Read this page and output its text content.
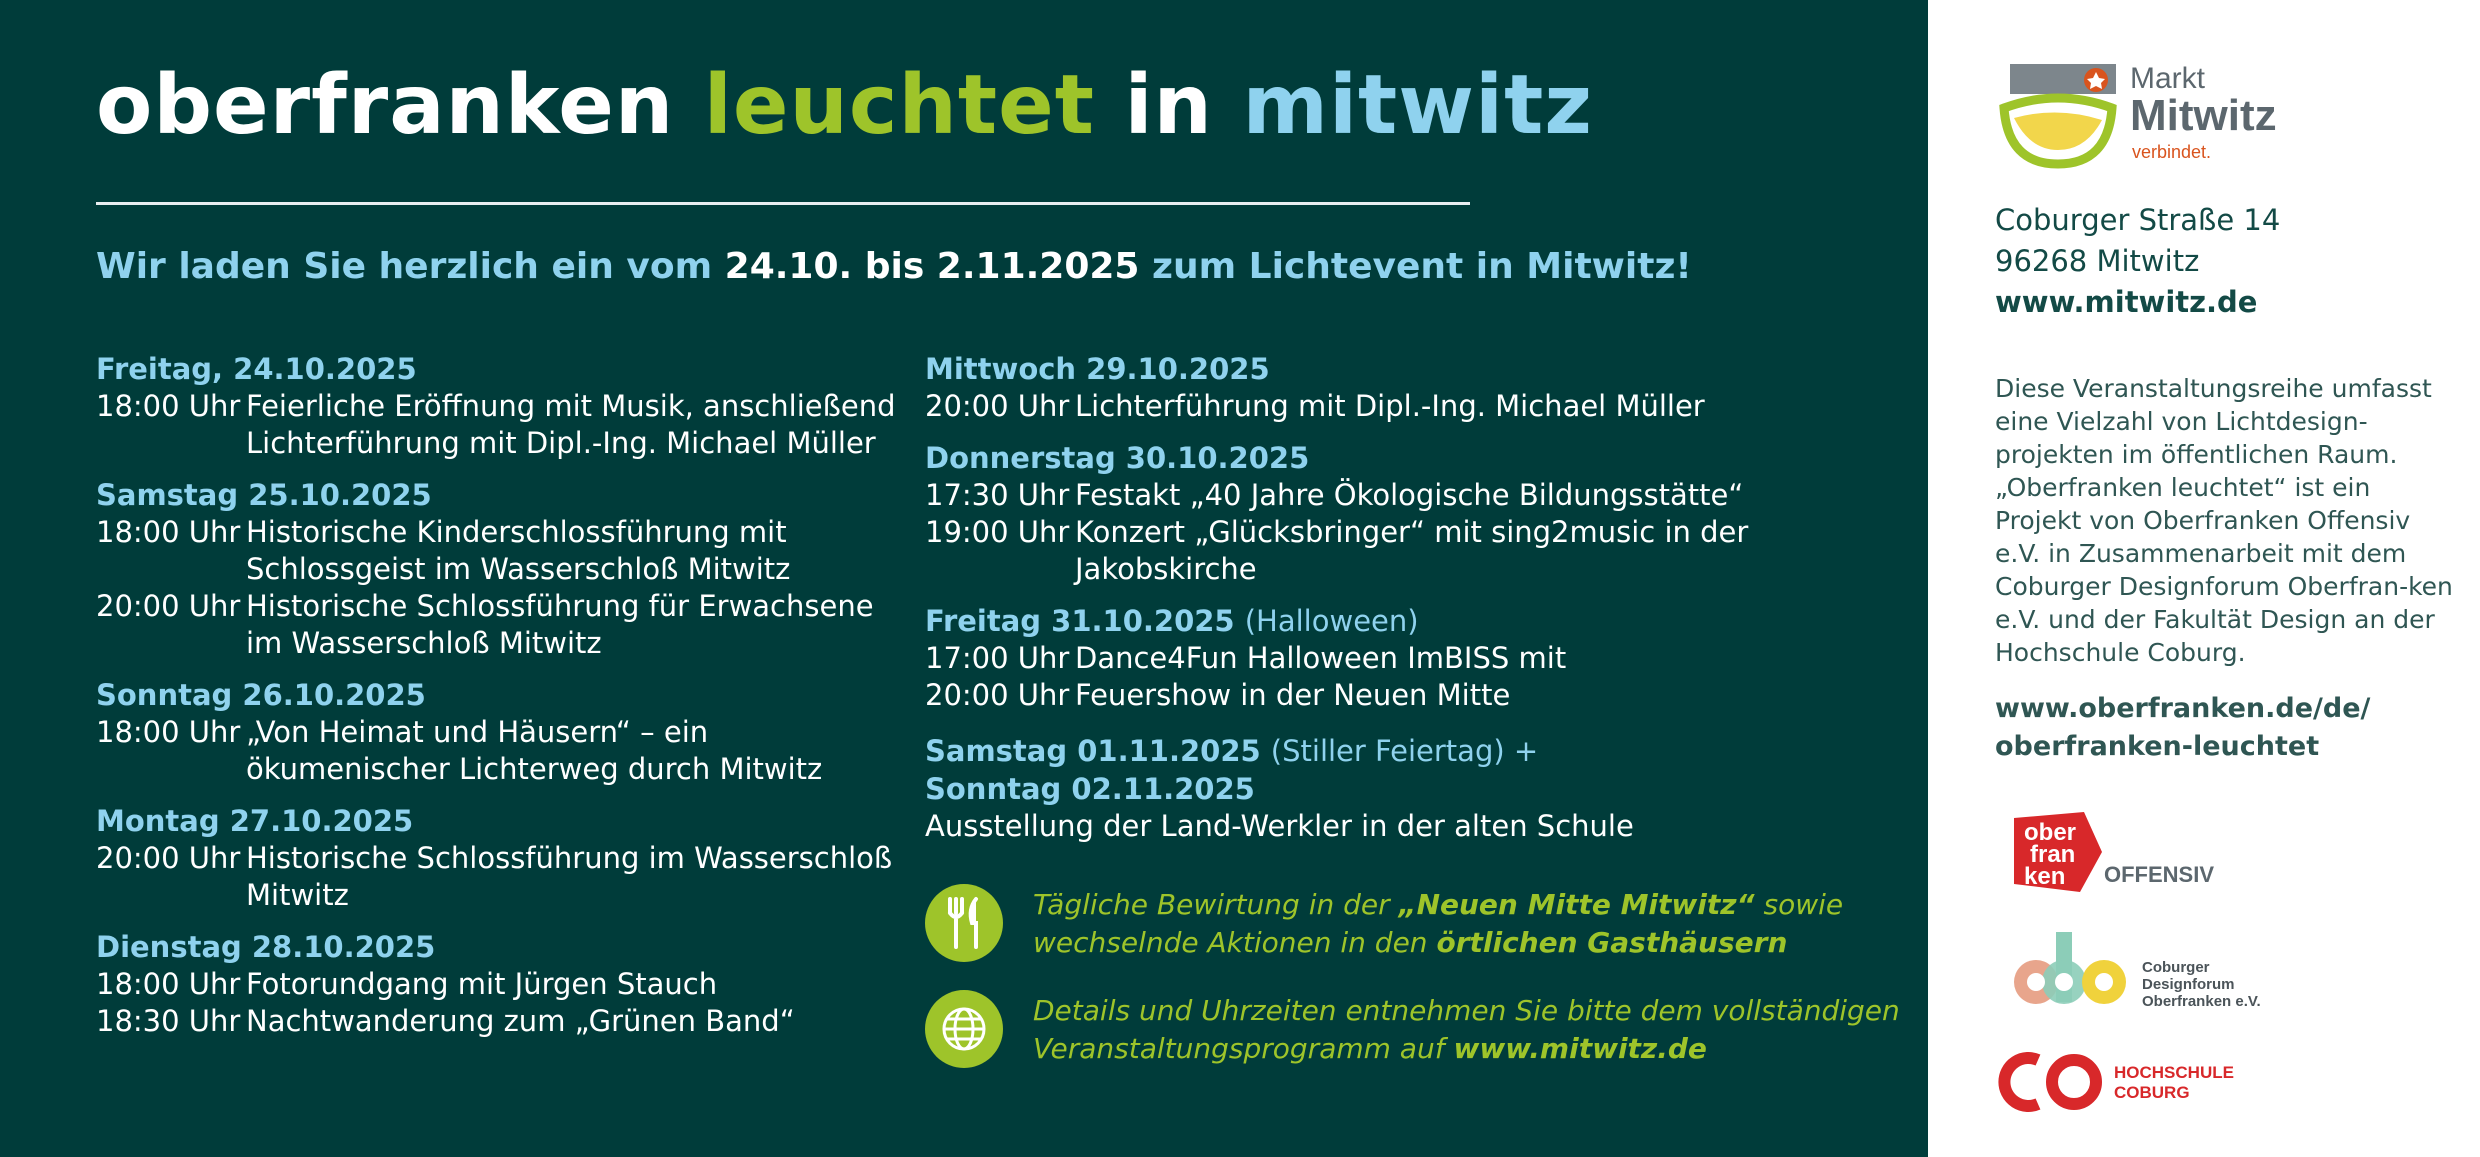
oberfranken leuchtet in mitwitz
Wir laden Sie herzlich ein vom 24.10. bis 2.11.2025 zum Lichtevent in Mitwitz!
Freitag, 24.10.2025
18:00 Uhr Feierliche Eröffnung mit Musik, anschließend Lichterführung mit Dipl.-Ing. Michael Müller
Samstag 25.10.2025
18:00 Uhr Historische Kinderschlossführung mit Schlossgeist im Wasserschloß Mitwitz
20:00 Uhr Historische Schlossführung für Erwachsene im Wasserschloß Mitwitz
Sonntag 26.10.2025
18:00 Uhr „Von Heimat und Häusern“ – ein ökumenischer Lichterweg durch Mitwitz
Montag 27.10.2025
20:00 Uhr Historische Schlossführung im Wasserschloß Mitwitz
Dienstag 28.10.2025
18:00 Uhr Fotorundgang mit Jürgen Stauch
18:30 Uhr Nachtwanderung zum „Grünen Band“
Mittwoch 29.10.2025
20:00 Uhr Lichterführung mit Dipl.-Ing. Michael Müller
Donnerstag 30.10.2025
17:30 Uhr Festakt „40 Jahre Ökologische Bildungsstätte“
19:00 Uhr Konzert „Glücksbringer“ mit sing2music in der Jakobskirche
Freitag 31.10.2025 (Halloween)
17:00 Uhr Dance4Fun Halloween ImBISS mit
20:00 Uhr Feuershow in der Neuen Mitte
Samstag 01.11.2025 (Stiller Feiertag) +
Sonntag 02.11.2025
Ausstellung der Land-Werkler in der alten Schule
Tägliche Bewirtung in der „Neuen Mitte Mitwitz“ sowie
wechselnde Aktionen in den örtlichen Gasthäusern
Details und Uhrzeiten entnehmen Sie bitte dem vollständigen
Veranstaltungsprogramm auf www.mitwitz.de
Markt
Mitwitz
verbindet.
Coburger Straße 14
96268 Mitwitz
www.mitwitz.de
Diese Veranstaltungsreihe umfasst eine Vielzahl von Lichtdesign-projekten im öffentlichen Raum. „Oberfranken leuchtet“ ist ein Projekt von Oberfranken Offensiv e.V. in Zusammenarbeit mit dem Coburger Designforum Oberfran-ken e.V. und der Fakultät Design an der Hochschule Coburg.
www.oberfranken.de/de/
oberfranken-leuchtet
ober
fran
ken OFFENSIV
Coburger
Designforum
Oberfranken e.V.
HOCHSCHULE
COBURG
